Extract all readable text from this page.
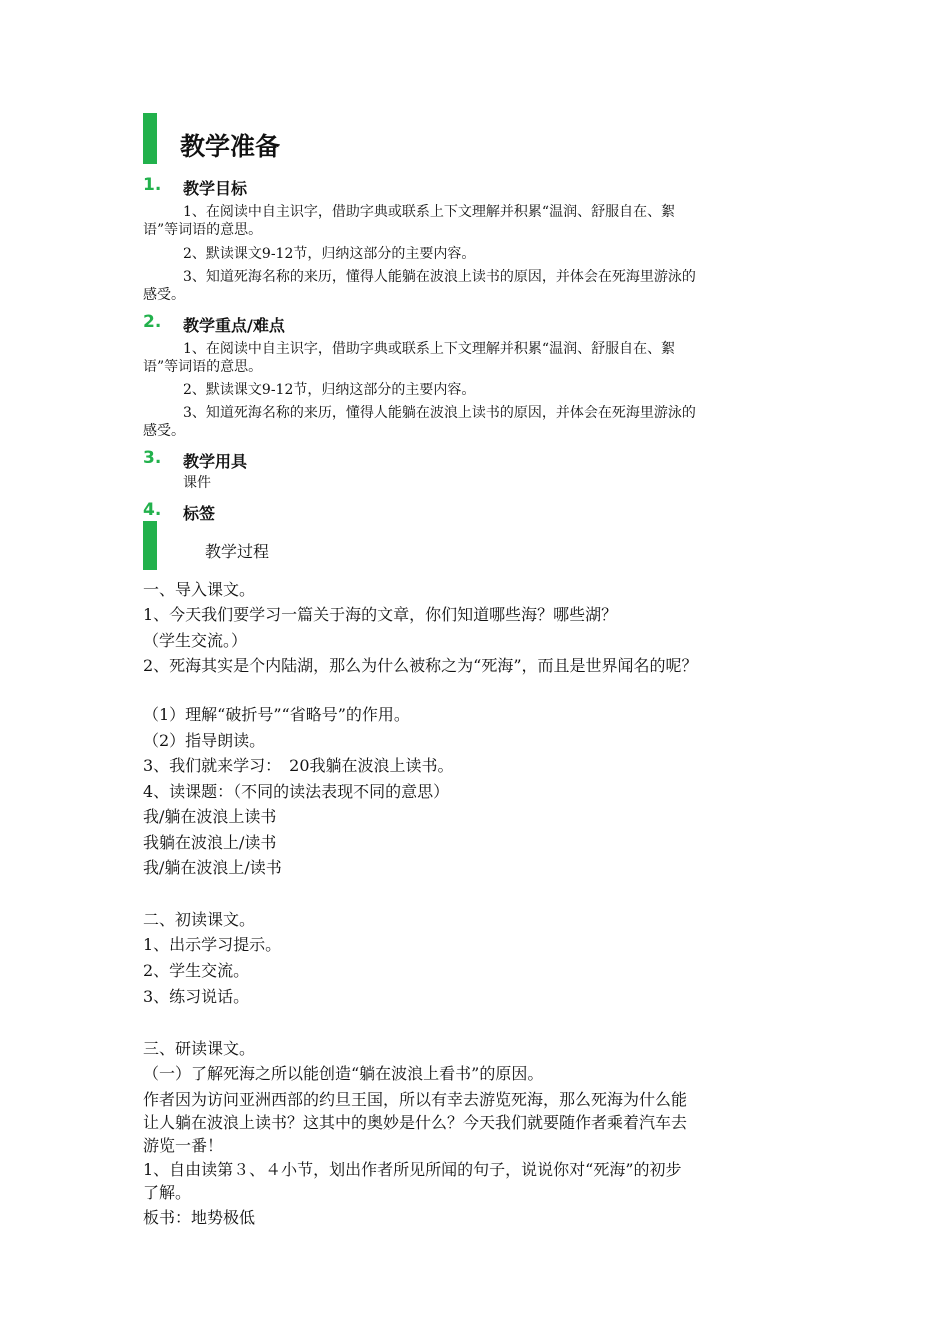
教学准备
1. 教学目标
1、在阅读中自主识字，借助字典或联系上下文理解并积累“温润、舒服自在、絮
语”等词语的意思。
2、默读课文9-12节，归纳这部分的主要内容。
3、知道死海名称的来历，懂得人能躺在波浪上读书的原因，并体会在死海里游泳的
感受。
2. 教学重点/难点
1、在阅读中自主识字，借助字典或联系上下文理解并积累“温润、舒服自在、絮
语”等词语的意思。
2、默读课文9-12节，归纳这部分的主要内容。
3、知道死海名称的来历，懂得人能躺在波浪上读书的原因，并体会在死海里游泳的
感受。
3. 教学用具
课件
4. 标签
教学过程
一、导入课文。
1、今天我们要学习一篇关于海的文章，你们知道哪些海？哪些湖？
（学生交流。）
2、死海其实是个内陆湖，那么为什么被称之为“死海”，而且是世界闻名的呢？
（1）理解“破折号”“省略号”的作用。
（2）指导朗读。
3、我们就来学习：　20我躺在波浪上读书。
4、读课题：（不同的读法表现不同的意思）
我/躺在波浪上读书
我躺在波浪上/读书
我/躺在波浪上/读书
二、初读课文。
1、出示学习提示。
2、学生交流。
3、练习说话。
三、研读课文。
（一）了解死海之所以能创造“躺在波浪上看书”的原因。
作者因为访问亚洲西部的约旦王国，所以有幸去游览死海，那么死海为什么能
让人躺在波浪上读书？这其中的奥妙是什么？今天我们就要随作者乘着汽车去
游览一番！
1、自由读第３、４小节，划出作者所见所闻的句子，说说你对“死海”的初步
了解。
板书：地势极低
